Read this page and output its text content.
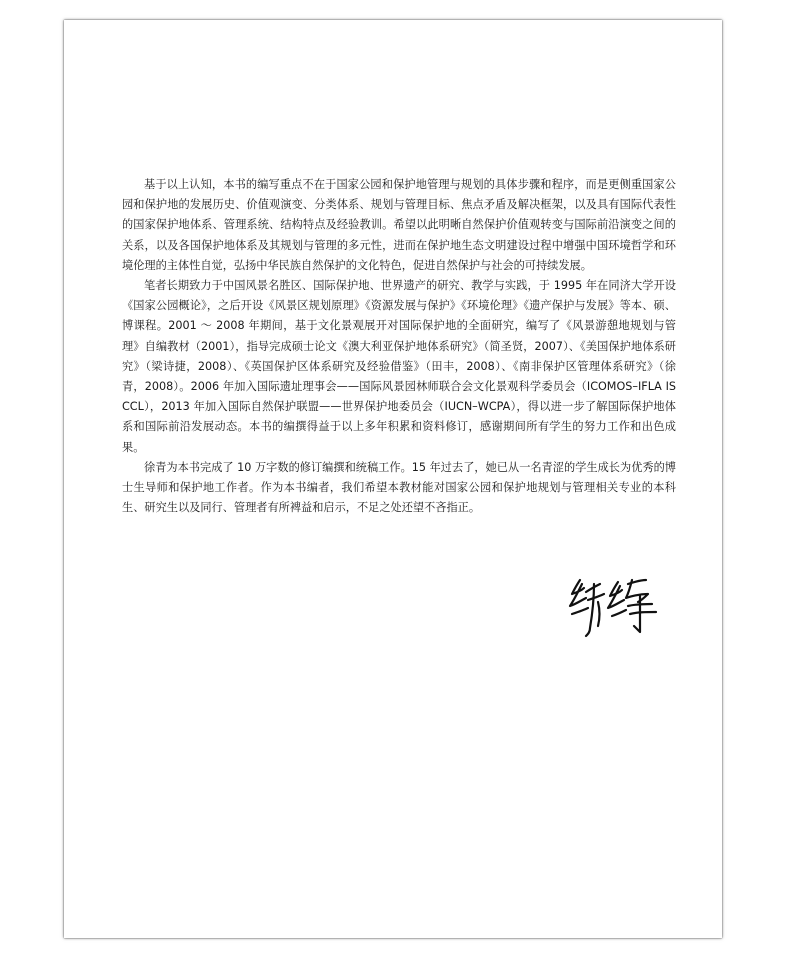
基于以上认知，本书的编写重点不在于国家公园和保护地管理与规划的具体步骤和程序，而是更侧重国家公园和保护地的发展历史、价值观演变、分类体系、规划与管理目标、焦点矛盾及解决框架，以及具有国际代表性的国家保护地体系、管理系统、结构特点及经验教训。希望以此明晰自然保护价值观转变与国际前沿演变之间的关系，以及各国保护地体系及其规划与管理的多元性，进而在保护地生态文明建设过程中增强中国环境哲学和环境伦理的主体性自觉，弘扬中华民族自然保护的文化特色，促进自然保护与社会的可持续发展。

笔者长期致力于中国风景名胜区、国际保护地、世界遗产的研究、教学与实践，于 1995 年在同济大学开设《国家公园概论》，之后开设《风景区规划原理》《资源发展与保护》《环境伦理》《遗产保护与发展》等本、硕、博课程。2001 ～ 2008 年期间，基于文化景观展开对国际保护地的全面研究，编写了《风景游憩地规划与管理》自编教材（2001），指导完成硕士论文《澳大利亚保护地体系研究》（简圣贤，2007）、《美国保护地体系研究》（梁诗捷，2008）、《英国保护区体系研究及经验借鉴》（田丰，2008）、《南非保护区管理体系研究》（徐青，2008）。2006 年加入国际遗址理事会——国际风景园林师联合会文化景观科学委员会（ICOMOS–IFLA ISCCL），2013 年加入国际自然保护联盟——世界保护地委员会（IUCN–WCPA），得以进一步了解国际保护地体系和国际前沿发展动态。本书的编撰得益于以上多年积累和资料修订，感谢期间所有学生的努力工作和出色成果。

徐青为本书完成了 10 万字数的修订编撰和统稿工作。15 年过去了，她已从一名青涩的学生成长为优秀的博士生导师和保护地工作者。作为本书编者，我们希望本教材能对国家公园和保护地规划与管理相关专业的本科生、研究生以及同行、管理者有所裨益和启示，不足之处还望不吝指正。
